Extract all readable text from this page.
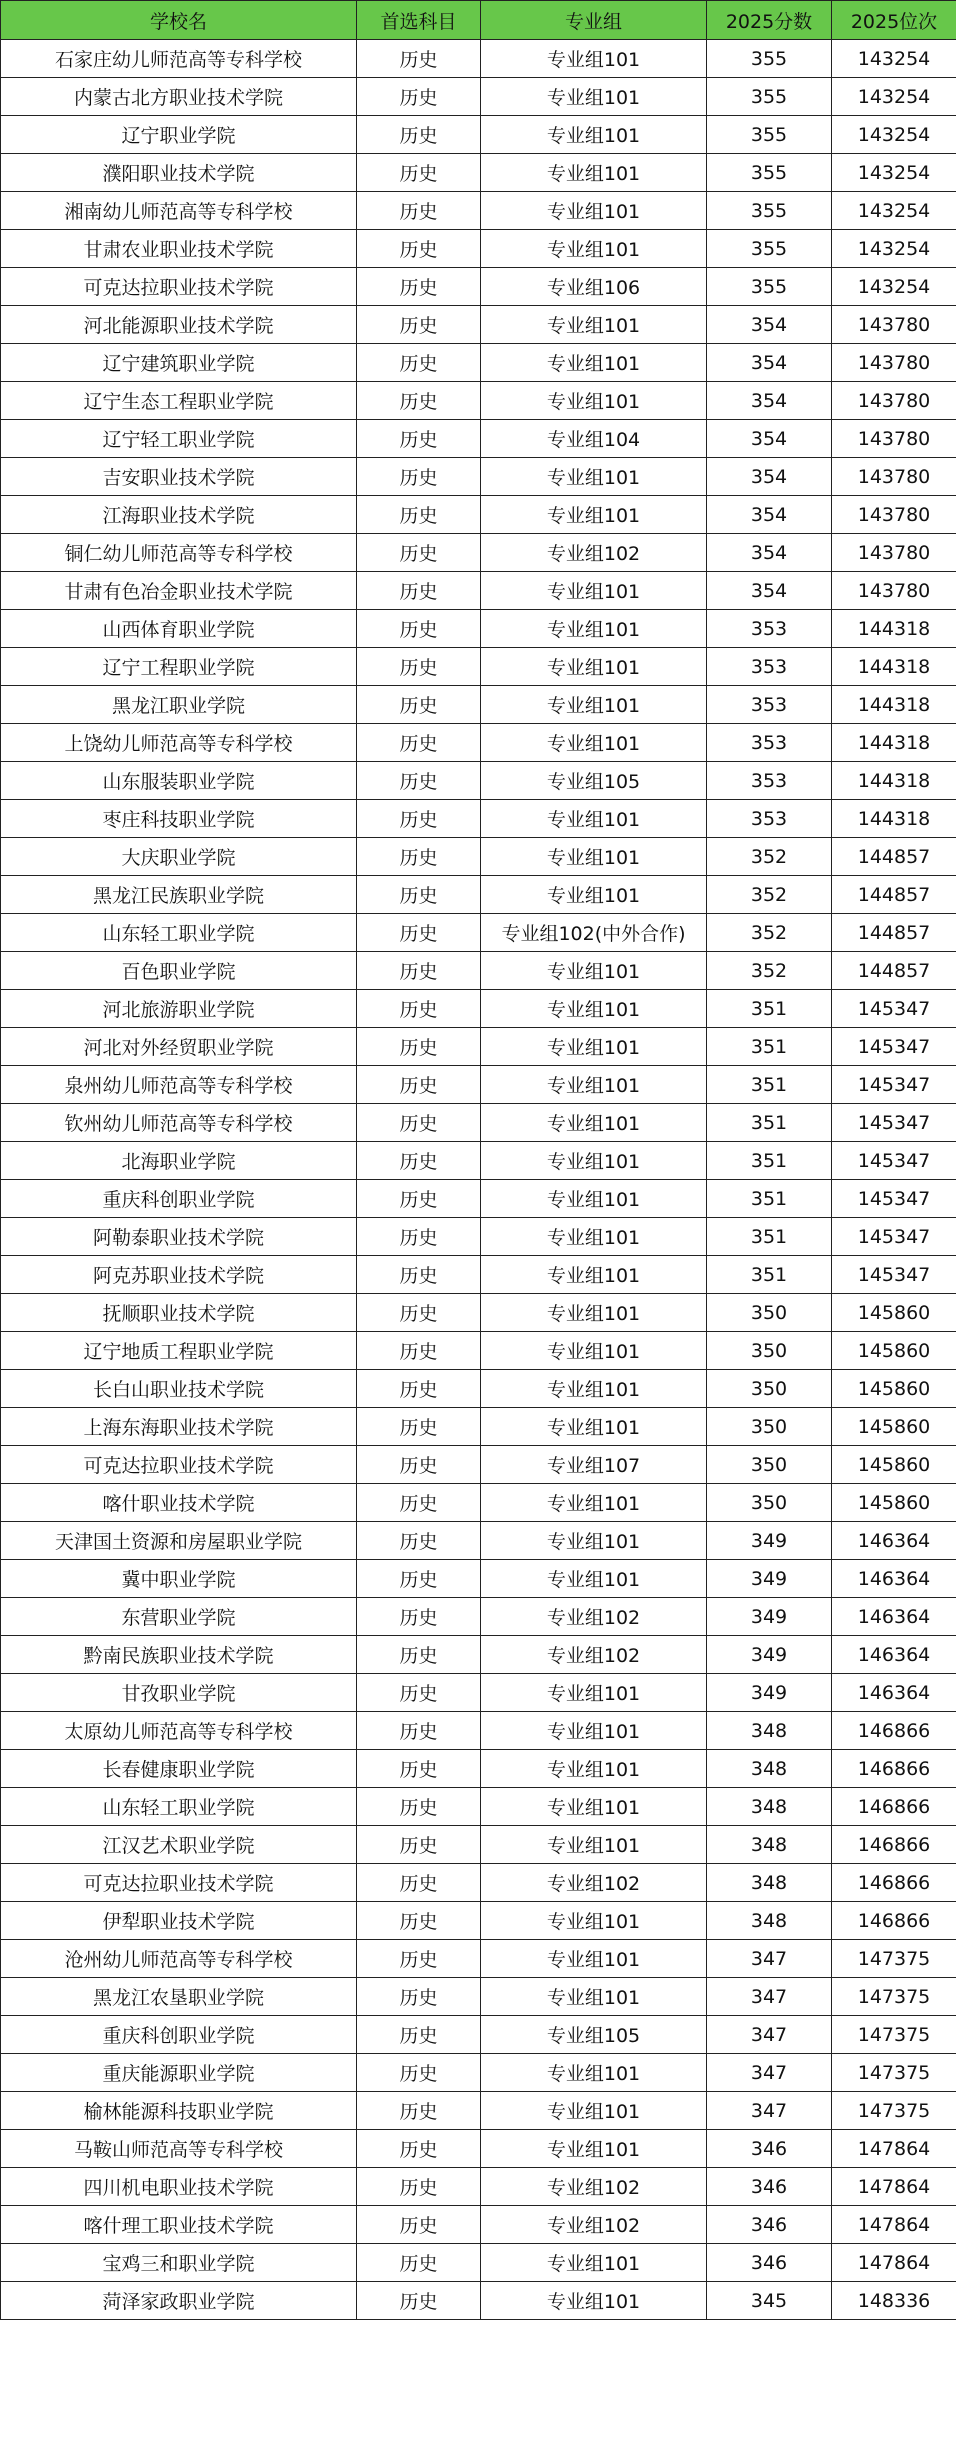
学校名	首选科目	专业组	2025分数	2025位次
石家庄幼儿师范高等专科学校	历史	专业组101	355	143254
内蒙古北方职业技术学院	历史	专业组101	355	143254
辽宁职业学院	历史	专业组101	355	143254
濮阳职业技术学院	历史	专业组101	355	143254
湘南幼儿师范高等专科学校	历史	专业组101	355	143254
甘肃农业职业技术学院	历史	专业组101	355	143254
可克达拉职业技术学院	历史	专业组106	355	143254
河北能源职业技术学院	历史	专业组101	354	143780
辽宁建筑职业学院	历史	专业组101	354	143780
辽宁生态工程职业学院	历史	专业组101	354	143780
辽宁轻工职业学院	历史	专业组104	354	143780
吉安职业技术学院	历史	专业组101	354	143780
江海职业技术学院	历史	专业组101	354	143780
铜仁幼儿师范高等专科学校	历史	专业组102	354	143780
甘肃有色冶金职业技术学院	历史	专业组101	354	143780
山西体育职业学院	历史	专业组101	353	144318
辽宁工程职业学院	历史	专业组101	353	144318
黑龙江职业学院	历史	专业组101	353	144318
上饶幼儿师范高等专科学校	历史	专业组101	353	144318
山东服装职业学院	历史	专业组105	353	144318
枣庄科技职业学院	历史	专业组101	353	144318
大庆职业学院	历史	专业组101	352	144857
黑龙江民族职业学院	历史	专业组101	352	144857
山东轻工职业学院	历史	专业组102(中外合作)	352	144857
百色职业学院	历史	专业组101	352	144857
河北旅游职业学院	历史	专业组101	351	145347
河北对外经贸职业学院	历史	专业组101	351	145347
泉州幼儿师范高等专科学校	历史	专业组101	351	145347
钦州幼儿师范高等专科学校	历史	专业组101	351	145347
北海职业学院	历史	专业组101	351	145347
重庆科创职业学院	历史	专业组101	351	145347
阿勒泰职业技术学院	历史	专业组101	351	145347
阿克苏职业技术学院	历史	专业组101	351	145347
抚顺职业技术学院	历史	专业组101	350	145860
辽宁地质工程职业学院	历史	专业组101	350	145860
长白山职业技术学院	历史	专业组101	350	145860
上海东海职业技术学院	历史	专业组101	350	145860
可克达拉职业技术学院	历史	专业组107	350	145860
喀什职业技术学院	历史	专业组101	350	145860
天津国土资源和房屋职业学院	历史	专业组101	349	146364
冀中职业学院	历史	专业组101	349	146364
东营职业学院	历史	专业组102	349	146364
黔南民族职业技术学院	历史	专业组102	349	146364
甘孜职业学院	历史	专业组101	349	146364
太原幼儿师范高等专科学校	历史	专业组101	348	146866
长春健康职业学院	历史	专业组101	348	146866
山东轻工职业学院	历史	专业组101	348	146866
江汉艺术职业学院	历史	专业组101	348	146866
可克达拉职业技术学院	历史	专业组102	348	146866
伊犁职业技术学院	历史	专业组101	348	146866
沧州幼儿师范高等专科学校	历史	专业组101	347	147375
黑龙江农垦职业学院	历史	专业组101	347	147375
重庆科创职业学院	历史	专业组105	347	147375
重庆能源职业学院	历史	专业组101	347	147375
榆林能源科技职业学院	历史	专业组101	347	147375
马鞍山师范高等专科学校	历史	专业组101	346	147864
四川机电职业技术学院	历史	专业组102	346	147864
喀什理工职业技术学院	历史	专业组102	346	147864
宝鸡三和职业学院	历史	专业组101	346	147864
菏泽家政职业学院	历史	专业组101	345	148336
